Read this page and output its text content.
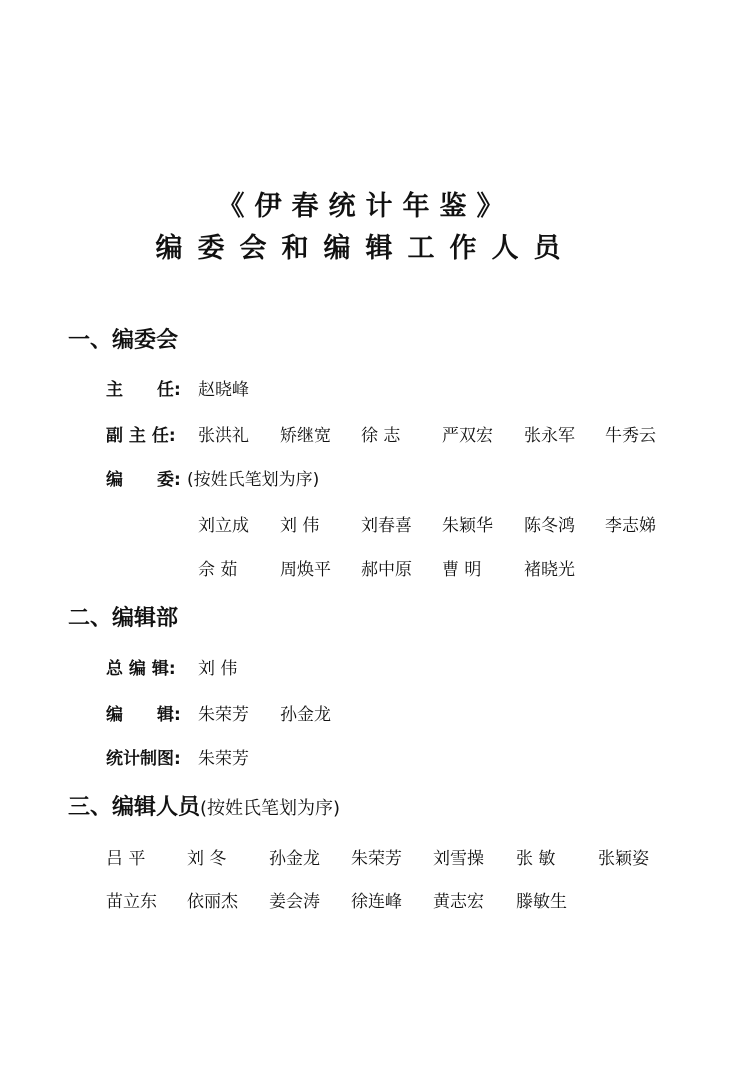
《伊春统计年鉴》
编委会和编辑工作人员
一、编委会
主　　任: 赵晓峰
副 主 任: 张洪礼 矫继宽 徐 志 严双宏 张永军 牛秀云
编　　委: (按姓氏笔划为序)
刘立成 刘 伟 刘春喜 朱颖华 陈冬鸿 李志娣
佘 茹	周焕平 郝中原 曹 明	褚晓光
二、编辑部
总 编 辑: 刘 伟
编　　辑: 朱荣芳 孙金龙
统计制图: 朱荣芳
三、编辑人员(按姓氏笔划为序)
吕 平 刘 冬	孙金龙 朱荣芳 刘雪操 张 敏	张颖姿
苗立东 依丽杰 姜会涛 徐连峰 黄志宏 滕敏生
